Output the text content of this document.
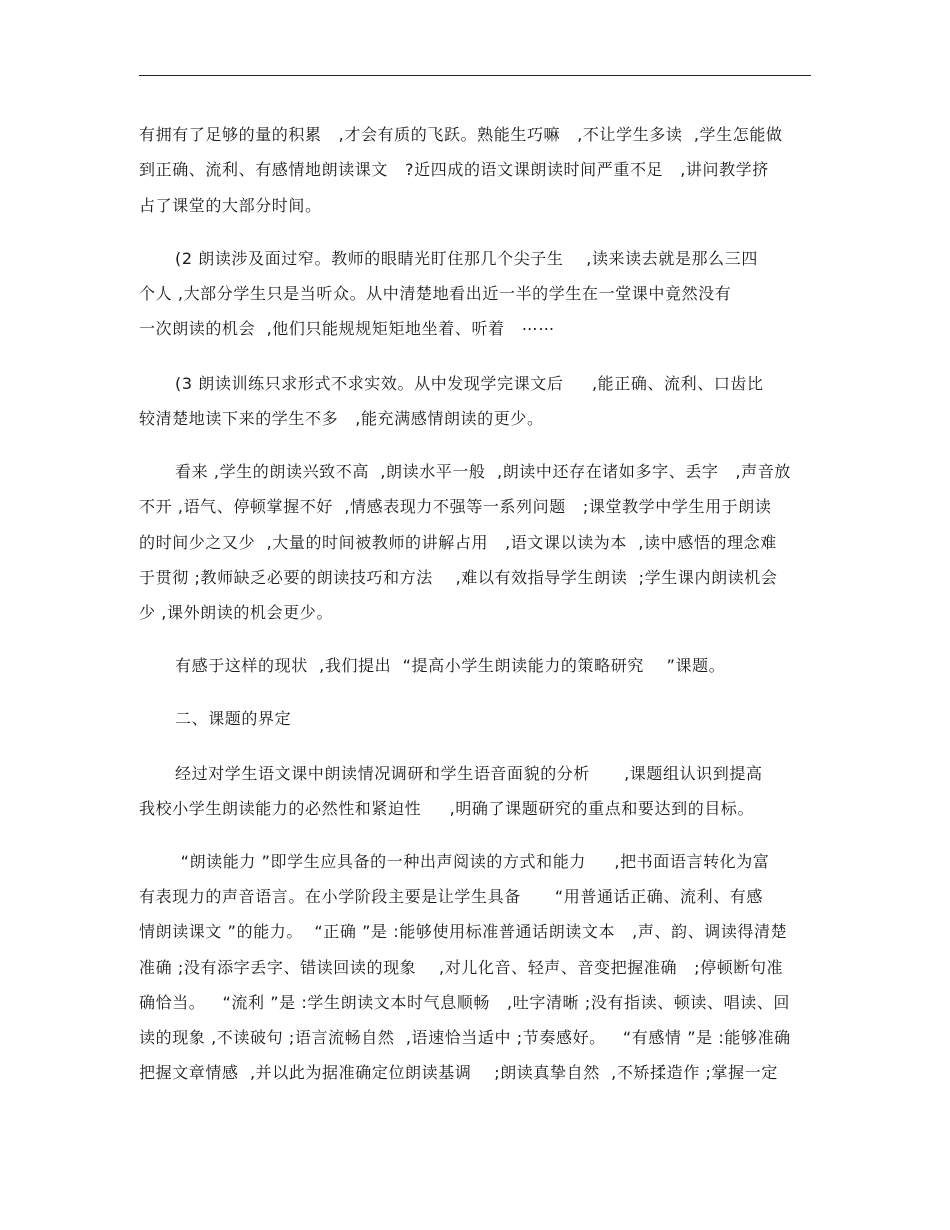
有拥有了足够的量的积累   ,才会有质的飞跃。熟能生巧嘛   ,不让学生多读  ,学生怎能做
到正确、流利、有感情地朗读课文   ?近四成的语文课朗读时间严重不足   ,讲问教学挤
占了课堂的大部分时间。
(2 朗读涉及面过窄。教师的眼睛光盯住那几个尖子生    ,读来读去就是那么三四
个人 ,大部分学生只是当听众。从中清楚地看出近一半的学生在一堂课中竟然没有
一次朗读的机会  ,他们只能规规矩矩地坐着、听着   ⋯⋯
(3 朗读训练只求形式不求实效。从中发现学完课文后     ,能正确、流利、口齿比
较清楚地读下来的学生不多   ,能充满感情朗读的更少。
看来 ,学生的朗读兴致不高  ,朗读水平一般  ,朗读中还存在诸如多字、丢字   ,声音放
不开 ,语气、停顿掌握不好  ,情感表现力不强等一系列问题   ;课堂教学中学生用于朗读
的时间少之又少  ,大量的时间被教师的讲解占用   ,语文课以读为本  ,读中感悟的理念难
于贯彻 ;教师缺乏必要的朗读技巧和方法    ,难以有效指导学生朗读  ;学生课内朗读机会
少 ,课外朗读的机会更少。
有感于这样的现状  ,我们提出  “提高小学生朗读能力的策略研究    ”课题。
二、课题的界定
经过对学生语文课中朗读情况调研和学生语音面貌的分析      ,课题组认识到提高
我校小学生朗读能力的必然性和紧迫性     ,明确了课题研究的重点和要达到的目标。
“朗读能力 ”即学生应具备的一种出声阅读的方式和能力     ,把书面语言转化为富
有表现力的声音语言。在小学阶段主要是让学生具备      “用普通话正确、流利、有感
情朗读课文 ”的能力。  “正确 ”是 :能够使用标准普通话朗读文本   ,声、韵、调读得清楚
准确 ;没有添字丢字、错读回读的现象    ,对儿化音、轻声、音变把握准确   ;停顿断句准
确恰当。   “流利 ”是 :学生朗读文本时气息顺畅   ,吐字清晰 ;没有指读、顿读、唱读、回
读的现象 ,不读破句 ;语言流畅自然  ,语速恰当适中 ;节奏感好。   “有感情 ”是 :能够准确
把握文章情感  ,并以此为据准确定位朗读基调    ;朗读真挚自然  ,不矫揉造作 ;掌握一定
